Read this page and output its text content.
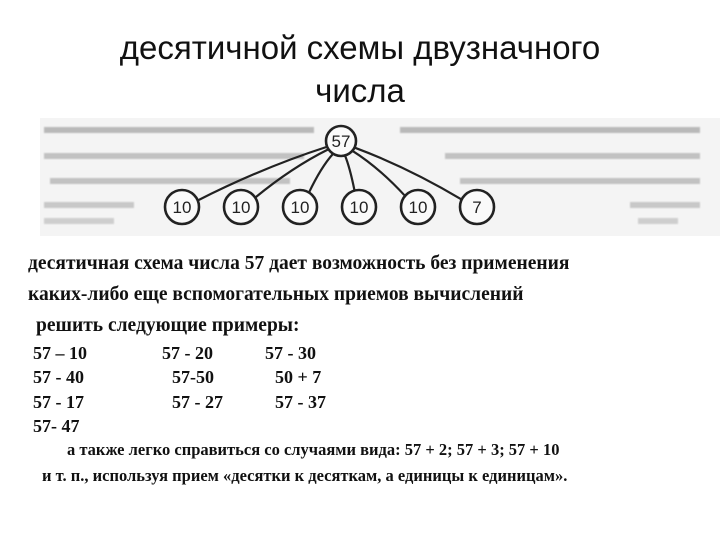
десятичной схемы двузначного
числа
57
10 10 10 10 10	7
десятичная схема числа 57 дает возможность без применения
каких-либо еще вспомогательных приемов вычислений
решить следующие примеры:
57 – 10	57 - 20	57 - 30
57 - 40	57-50	50 + 7
57 - 17	57 - 27	57 - 37
57- 47
а также легко справиться со случаями вида: 57 + 2; 57 + 3; 57 + 10
и т. п., используя прием «десятки к десяткам, а единицы к единицам».
